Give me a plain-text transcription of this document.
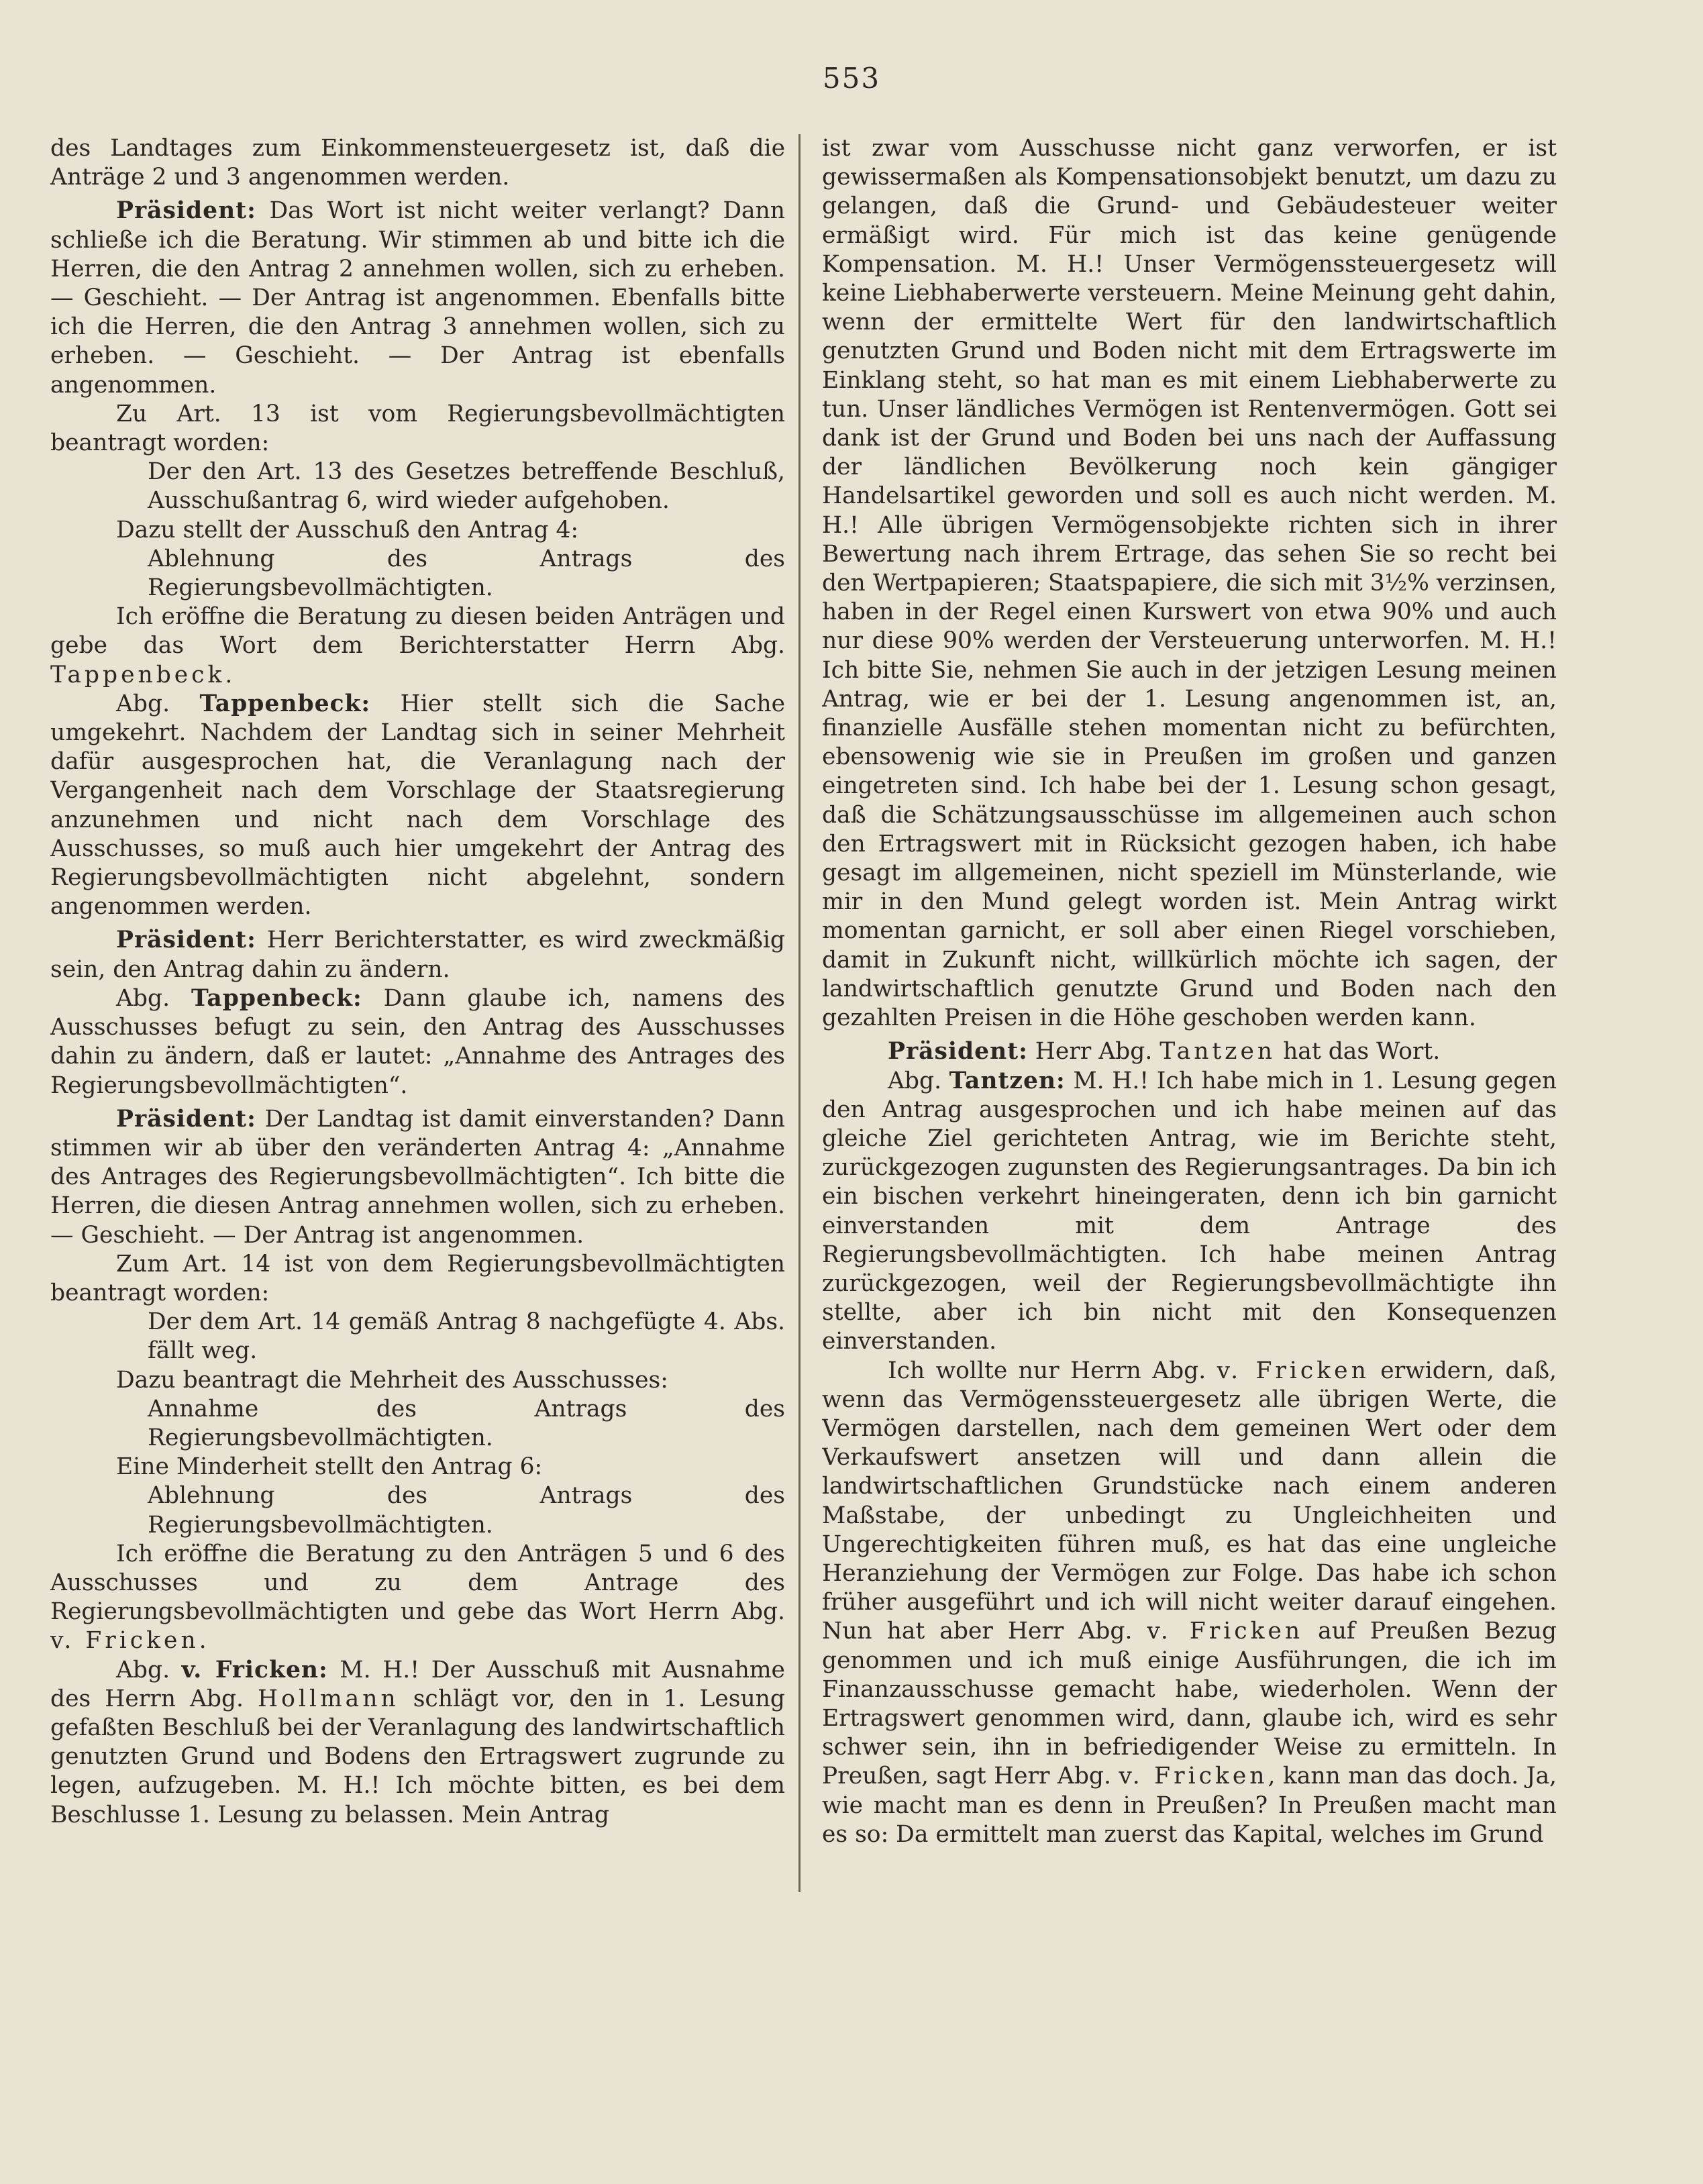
553

des Landtages zum Einkommensteuergesetz ist, daß die Anträge 2 und 3 angenommen werden.

Präsident: Das Wort ist nicht weiter verlangt? Dann schließe ich die Beratung. Wir stimmen ab und bitte ich die Herren, die den Antrag 2 annehmen wollen, sich zu erheben. — Geschieht. — Der Antrag ist angenommen. Ebenfalls bitte ich die Herren, die den Antrag 3 annehmen wollen, sich zu erheben. — Geschieht. — Der Antrag ist ebenfalls angenommen.

Zu Art. 13 ist vom Regierungsbevollmächtigten beantragt worden:

Der den Art. 13 des Gesetzes betreffende Beschluß, Ausschußantrag 6, wird wieder aufgehoben.

Dazu stellt der Ausschuß den Antrag 4:

Ablehnung des Antrags des Regierungsbevollmächtigten.

Ich eröffne die Beratung zu diesen beiden Anträgen und gebe das Wort dem Berichterstatter Herrn Abg. Tappenbeck.

Abg. Tappenbeck: Hier stellt sich die Sache umgekehrt. Nachdem der Landtag sich in seiner Mehrheit dafür ausgesprochen hat, die Veranlagung nach der Vergangenheit nach dem Vorschlage der Staatsregierung anzunehmen und nicht nach dem Vorschlage des Ausschusses, so muß auch hier umgekehrt der Antrag des Regierungsbevollmächtigten nicht abgelehnt, sondern angenommen werden.

Präsident: Herr Berichterstatter, es wird zweckmäßig sein, den Antrag dahin zu ändern.

Abg. Tappenbeck: Dann glaube ich, namens des Ausschusses befugt zu sein, den Antrag des Ausschusses dahin zu ändern, daß er lautet: „Annahme des Antrages des Regierungsbevollmächtigten“.

Präsident: Der Landtag ist damit einverstanden? Dann stimmen wir ab über den veränderten Antrag 4: „Annahme des Antrages des Regierungsbevollmächtigten“. Ich bitte die Herren, die diesen Antrag annehmen wollen, sich zu erheben. — Geschieht. — Der Antrag ist angenommen.

Zum Art. 14 ist von dem Regierungsbevollmächtigten beantragt worden:

Der dem Art. 14 gemäß Antrag 8 nachgefügte 4. Abs. fällt weg.

Dazu beantragt die Mehrheit des Ausschusses:

Annahme des Antrags des Regierungsbevollmächtigten.

Eine Minderheit stellt den Antrag 6:

Ablehnung des Antrags des Regierungsbevollmächtigten.

Ich eröffne die Beratung zu den Anträgen 5 und 6 des Ausschusses und zu dem Antrage des Regierungsbevollmächtigten und gebe das Wort Herrn Abg. v. Fricken.

Abg. v. Fricken: M. H.! Der Ausschuß mit Ausnahme des Herrn Abg. Hollmann schlägt vor, den in 1. Lesung gefaßten Beschluß bei der Veranlagung des landwirtschaftlich genutzten Grund und Bodens den Ertragswert zugrunde zu legen, aufzugeben. M. H.! Ich möchte bitten, es bei dem Beschlusse 1. Lesung zu belassen. Mein Antrag

ist zwar vom Ausschusse nicht ganz verworfen, er ist gewissermaßen als Kompensationsobjekt benutzt, um dazu zu gelangen, daß die Grund- und Gebäudesteuer weiter ermäßigt wird. Für mich ist das keine genügende Kompensation. M. H.! Unser Vermögenssteuergesetz will keine Liebhaberwerte versteuern. Meine Meinung geht dahin, wenn der ermittelte Wert für den landwirtschaftlich genutzten Grund und Boden nicht mit dem Ertragswerte im Einklang steht, so hat man es mit einem Liebhaberwerte zu tun. Unser ländliches Vermögen ist Rentenvermögen. Gott sei dank ist der Grund und Boden bei uns nach der Auffassung der ländlichen Bevölkerung noch kein gängiger Handelsartikel geworden und soll es auch nicht werden. M. H.! Alle übrigen Vermögensobjekte richten sich in ihrer Bewertung nach ihrem Ertrage, das sehen Sie so recht bei den Wertpapieren; Staatspapiere, die sich mit 3½% verzinsen, haben in der Regel einen Kurswert von etwa 90% und auch nur diese 90% werden der Versteuerung unterworfen. M. H.! Ich bitte Sie, nehmen Sie auch in der jetzigen Lesung meinen Antrag, wie er bei der 1. Lesung angenommen ist, an, finanzielle Ausfälle stehen momentan nicht zu befürchten, ebensowenig wie sie in Preußen im großen und ganzen eingetreten sind. Ich habe bei der 1. Lesung schon gesagt, daß die Schätzungsausschüsse im allgemeinen auch schon den Ertragswert mit in Rücksicht gezogen haben, ich habe gesagt im allgemeinen, nicht speziell im Münsterlande, wie mir in den Mund gelegt worden ist. Mein Antrag wirkt momentan garnicht, er soll aber einen Riegel vorschieben, damit in Zukunft nicht, willkürlich möchte ich sagen, der landwirtschaftlich genutzte Grund und Boden nach den gezahlten Preisen in die Höhe geschoben werden kann.

Präsident: Herr Abg. Tantzen hat das Wort.

Abg. Tantzen: M. H.! Ich habe mich in 1. Lesung gegen den Antrag ausgesprochen und ich habe meinen auf das gleiche Ziel gerichteten Antrag, wie im Berichte steht, zurückgezogen zugunsten des Regierungsantrages. Da bin ich ein bischen verkehrt hineingeraten, denn ich bin garnicht einverstanden mit dem Antrage des Regierungsbevollmächtigten. Ich habe meinen Antrag zurückgezogen, weil der Regierungsbevollmächtigte ihn stellte, aber ich bin nicht mit den Konsequenzen einverstanden.

Ich wollte nur Herrn Abg. v. Fricken erwidern, daß, wenn das Vermögenssteuergesetz alle übrigen Werte, die Vermögen darstellen, nach dem gemeinen Wert oder dem Verkaufswert ansetzen will und dann allein die landwirtschaftlichen Grundstücke nach einem anderen Maßstabe, der unbedingt zu Ungleichheiten und Ungerechtigkeiten führen muß, es hat das eine ungleiche Heranziehung der Vermögen zur Folge. Das habe ich schon früher ausgeführt und ich will nicht weiter darauf eingehen. Nun hat aber Herr Abg. v. Fricken auf Preußen Bezug genommen und ich muß einige Ausführungen, die ich im Finanzausschusse gemacht habe, wiederholen. Wenn der Ertragswert genommen wird, dann, glaube ich, wird es sehr schwer sein, ihn in befriedigender Weise zu ermitteln. In Preußen, sagt Herr Abg. v. Fricken, kann man das doch. Ja, wie macht man es denn in Preußen? In Preußen macht man es so: Da ermittelt man zuerst das Kapital, welches im Grund
